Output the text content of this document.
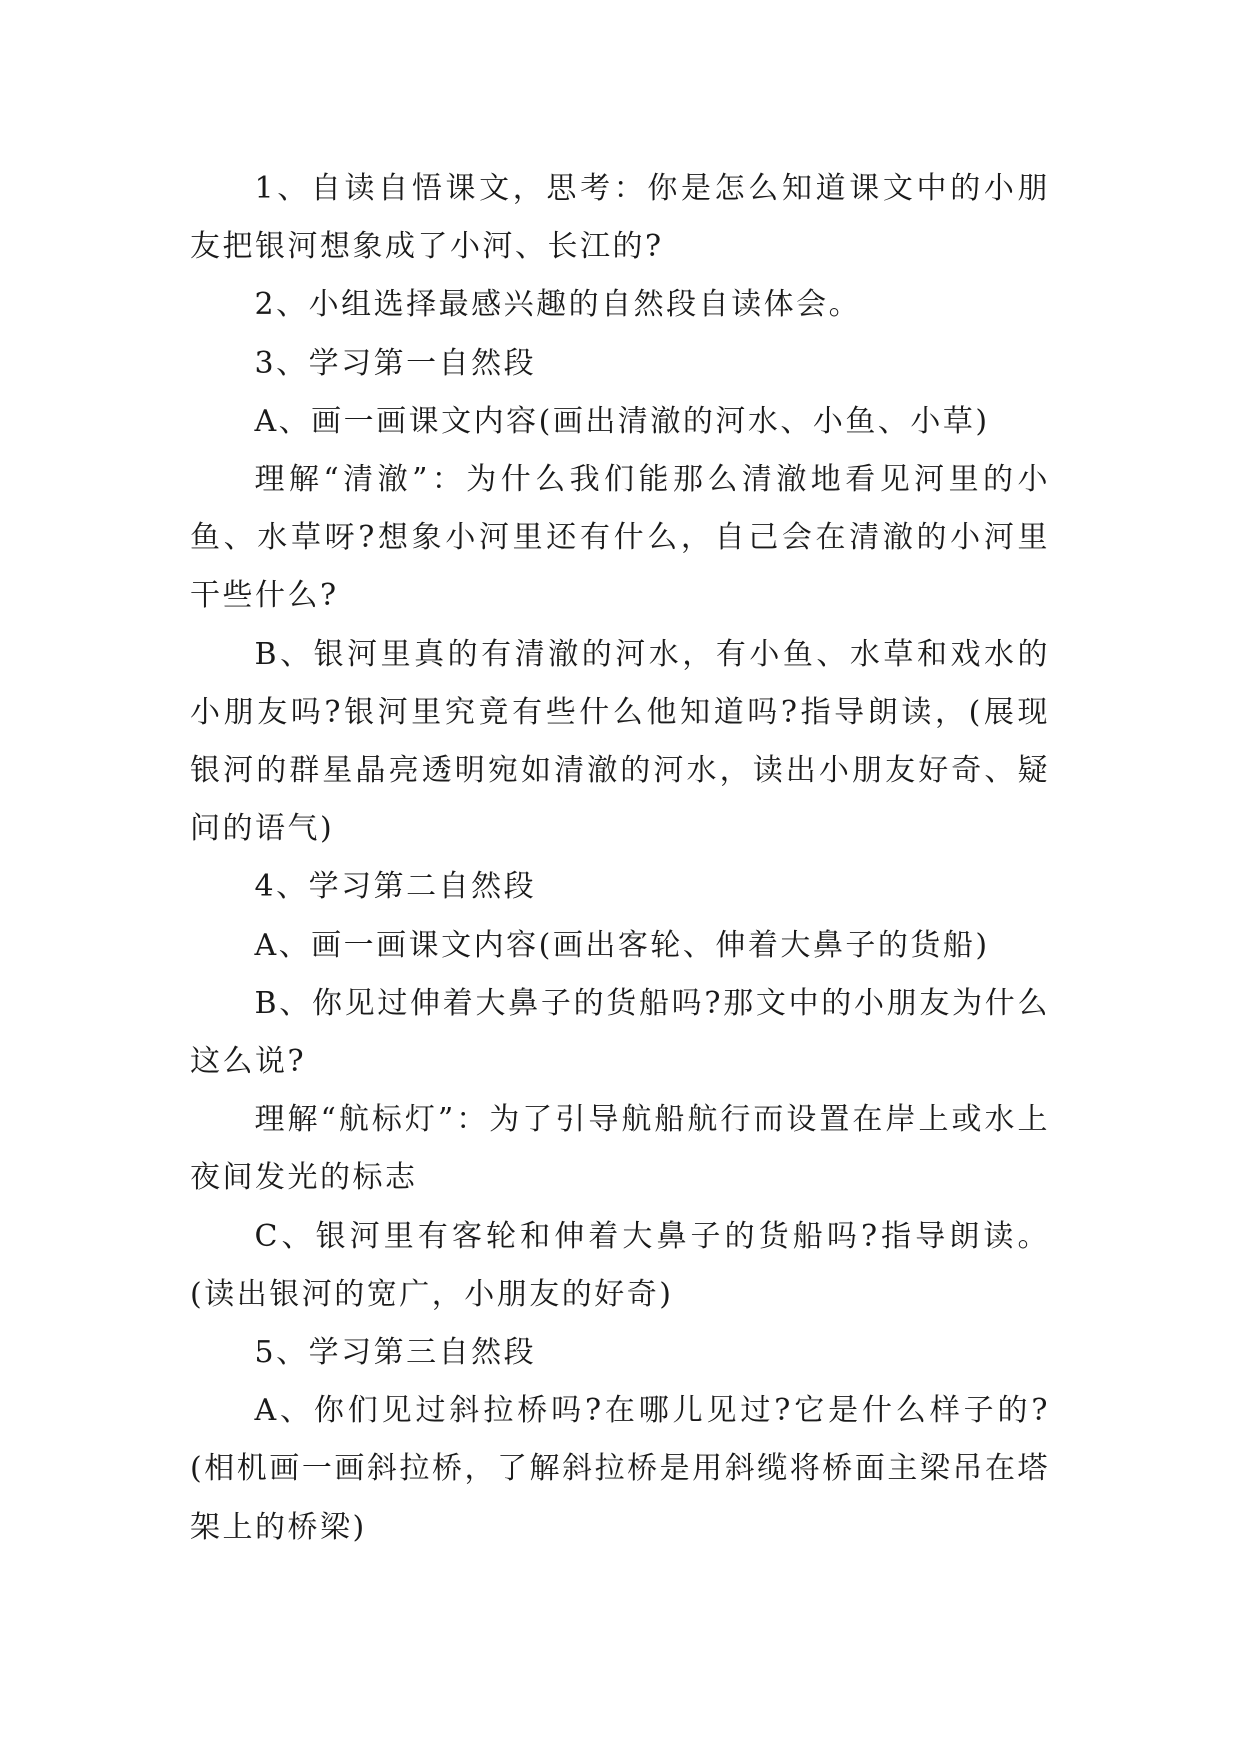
1、自读自悟课文，思考：你是怎么知道课文中的小朋友把银河想象成了小河、长江的?

2、小组选择最感兴趣的自然段自读体会。

3、学习第一自然段

A、画一画课文内容(画出清澈的河水、小鱼、小草)

理解“清澈”：为什么我们能那么清澈地看见河里的小鱼、水草呀?想象小河里还有什么，自己会在清澈的小河里干些什么?

B、银河里真的有清澈的河水，有小鱼、水草和戏水的小朋友吗?银河里究竟有些什么他知道吗?指导朗读，(展现银河的群星晶亮透明宛如清澈的河水，读出小朋友好奇、疑问的语气)

4、学习第二自然段

A、画一画课文内容(画出客轮、伸着大鼻子的货船)

B、你见过伸着大鼻子的货船吗?那文中的小朋友为什么这么说?

理解“航标灯”：为了引导航船航行而设置在岸上或水上夜间发光的标志

C、银河里有客轮和伸着大鼻子的货船吗?指导朗读。(读出银河的宽广，小朋友的好奇)

5、学习第三自然段

A、你们见过斜拉桥吗?在哪儿见过?它是什么样子的?(相机画一画斜拉桥，了解斜拉桥是用斜缆将桥面主梁吊在塔架上的桥梁)
